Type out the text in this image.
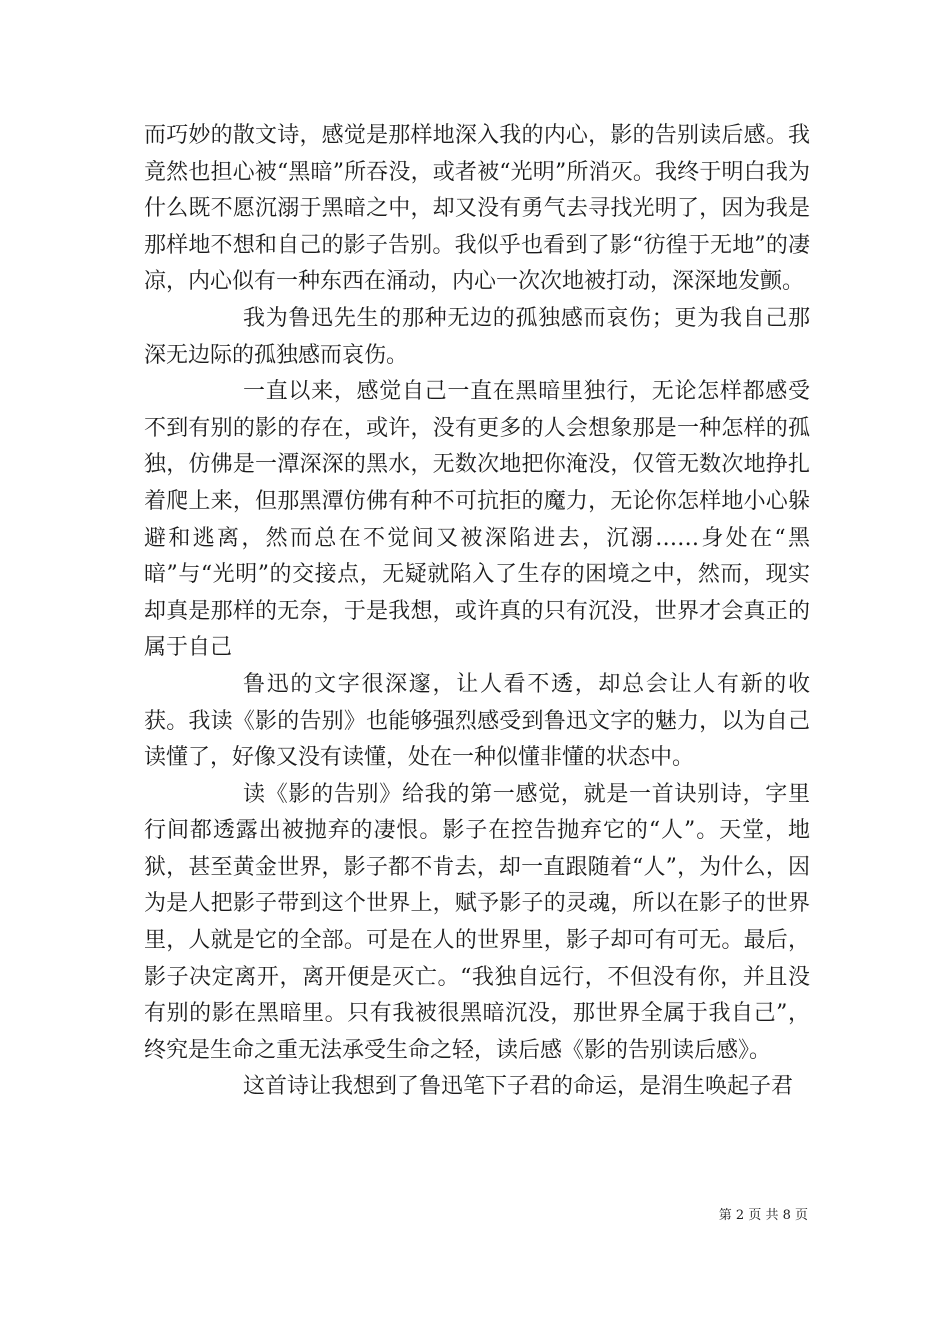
而巧妙的散文诗，感觉是那样地深入我的内心，影的告别读后感。我竟然也担心被“黑暗”所吞没，或者被“光明”所消灭。我终于明白我为什么既不愿沉溺于黑暗之中，却又没有勇气去寻找光明了，因为我是那样地不想和自己的影子告别。我似乎也看到了影“彷徨于无地”的凄凉，内心似有一种东西在涌动，内心一次次地被打动，深深地发颤。

我为鲁迅先生的那种无边的孤独感而哀伤；更为我自己那深无边际的孤独感而哀伤。

一直以来，感觉自己一直在黑暗里独行，无论怎样都感受不到有别的影的存在，或许，没有更多的人会想象那是一种怎样的孤独，仿佛是一潭深深的黑水，无数次地把你淹没，仅管无数次地挣扎着爬上来，但那黑潭仿佛有种不可抗拒的魔力，无论你怎样地小心躲避和逃离，然而总在不觉间又被深陷进去，沉溺……身处在“黑暗”与“光明”的交接点，无疑就陷入了生存的困境之中，然而，现实却真是那样的无奈，于是我想，或许真的只有沉没，世界才会真正的属于自己

鲁迅的文字很深邃，让人看不透，却总会让人有新的收获。我读《影的告别》也能够强烈感受到鲁迅文字的魅力，以为自己读懂了，好像又没有读懂，处在一种似懂非懂的状态中。

读《影的告别》给我的第一感觉，就是一首诀别诗，字里行间都透露出被抛弃的凄恨。影子在控告抛弃它的“人”。天堂，地狱，甚至黄金世界，影子都不肯去，却一直跟随着“人”，为什么，因为是人把影子带到这个世界上，赋予影子的灵魂，所以在影子的世界里，人就是它的全部。可是在人的世界里，影子却可有可无。最后，影子决定离开，离开便是灭亡。“我独自远行，不但没有你，并且没有别的影在黑暗里。只有我被很黑暗沉没，那世界全属于我自己”，终究是生命之重无法承受生命之轻，读后感《影的告别读后感》。

这首诗让我想到了鲁迅笔下子君的命运，是涓生唤起子君

第 2 页 共 8 页
